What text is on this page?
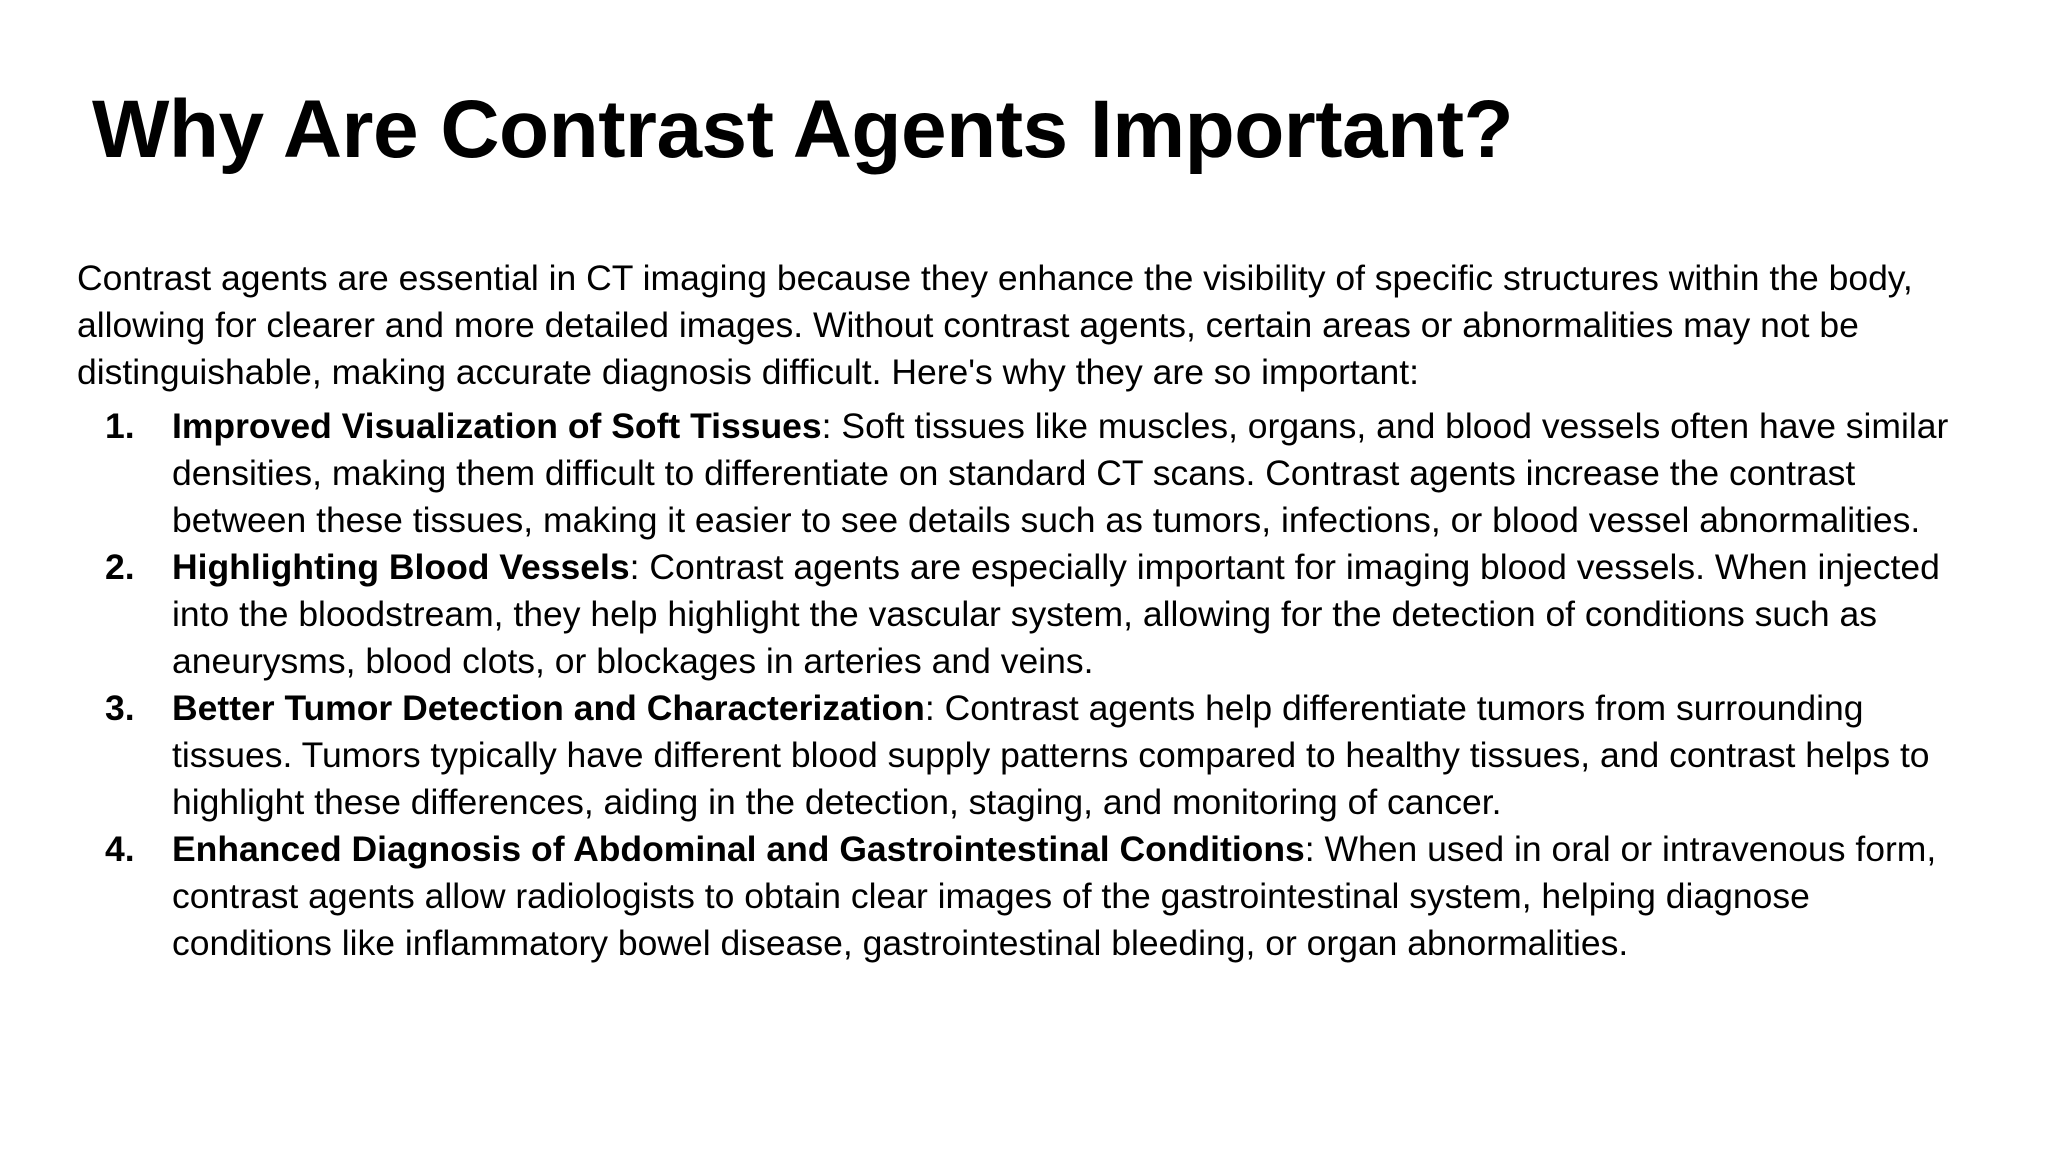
Why Are Contrast Agents Important?

Contrast agents are essential in CT imaging because they enhance the visibility of specific structures within the body, allowing for clearer and more detailed images. Without contrast agents, certain areas or abnormalities may not be distinguishable, making accurate diagnosis difficult. Here's why they are so important:

1. Improved Visualization of Soft Tissues: Soft tissues like muscles, organs, and blood vessels often have similar densities, making them difficult to differentiate on standard CT scans. Contrast agents increase the contrast between these tissues, making it easier to see details such as tumors, infections, or blood vessel abnormalities.
2. Highlighting Blood Vessels: Contrast agents are especially important for imaging blood vessels. When injected into the bloodstream, they help highlight the vascular system, allowing for the detection of conditions such as aneurysms, blood clots, or blockages in arteries and veins.
3. Better Tumor Detection and Characterization: Contrast agents help differentiate tumors from surrounding tissues. Tumors typically have different blood supply patterns compared to healthy tissues, and contrast helps to highlight these differences, aiding in the detection, staging, and monitoring of cancer.
4. Enhanced Diagnosis of Abdominal and Gastrointestinal Conditions: When used in oral or intravenous form, contrast agents allow radiologists to obtain clear images of the gastrointestinal system, helping diagnose conditions like inflammatory bowel disease, gastrointestinal bleeding, or organ abnormalities.
